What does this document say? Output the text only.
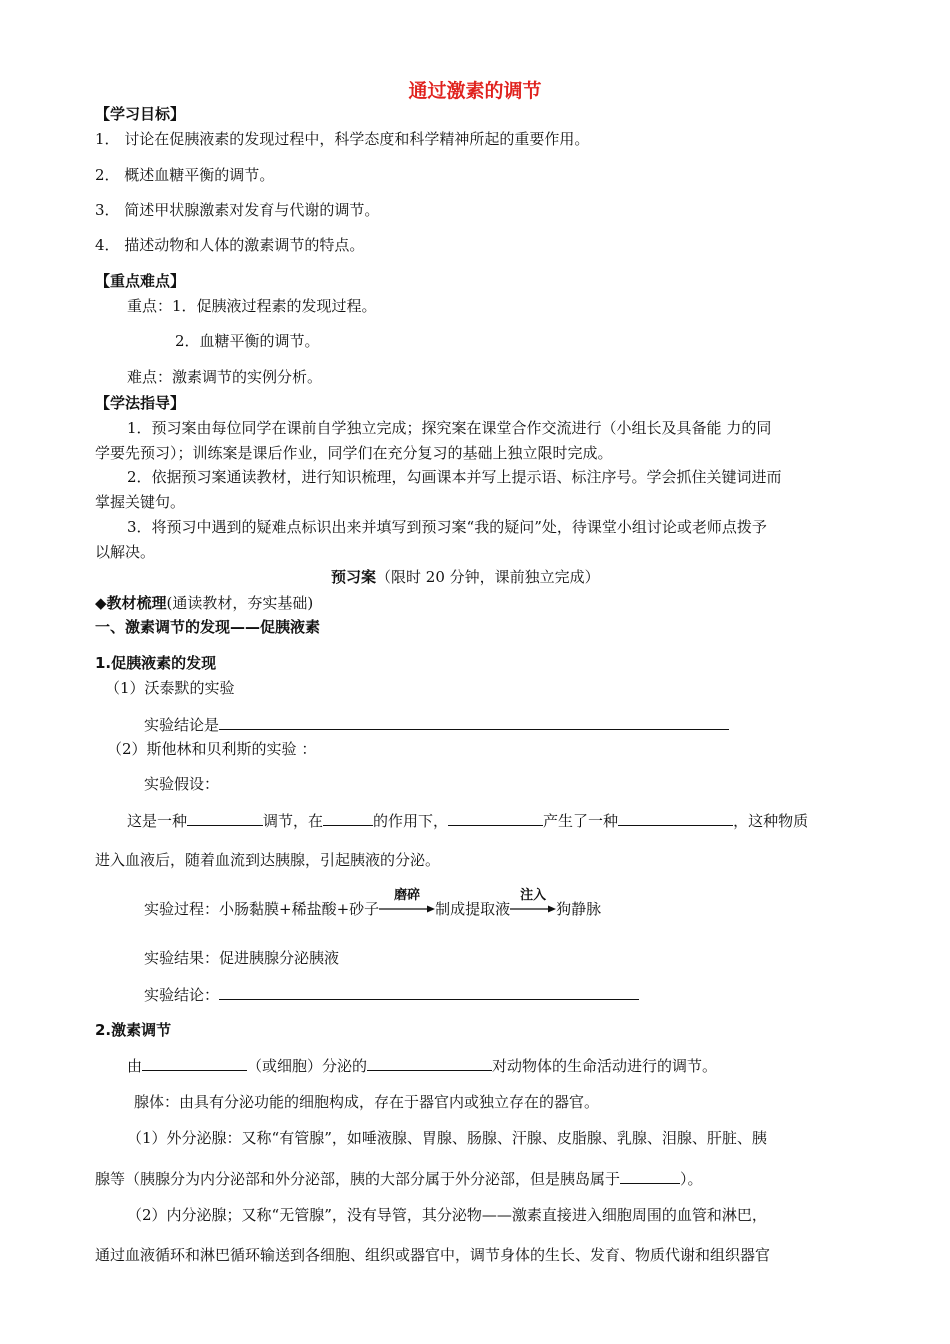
通过激素的调节
【学习目标】
1． 讨论在促胰液素的发现过程中，科学态度和科学精神所起的重要作用。
2． 概述血糖平衡的调节。
3． 简述甲状腺激素对发育与代谢的调节。
4． 描述动物和人体的激素调节的特点。
【重点难点】
重点：1．促胰液过程素的发现过程。
2．血糖平衡的调节。
难点：激素调节的实例分析。
【学法指导】
1．预习案由每位同学在课前自学独立完成；探究案在课堂合作交流进行（小组长及具备能 力的同
学要先预习）；训练案是课后作业，同学们在充分复习的基础上独立限时完成。
2．依据预习案通读教材，进行知识梳理，勾画课本并写上提示语、标注序号。学会抓住关键词进而
掌握关键句。
3．将预习中遇到的疑难点标识出来并填写到预习案“我的疑问”处，待课堂小组讨论或老师点拨予
以解决。
预习案（限时 20 分钟，课前独立完成）
◆教材梳理(通读教材，夯实基础)
一、激素调节的发现——促胰液素
1.促胰液素的发现
（1）沃泰默的实验
实验结论是
（2）斯他林和贝利斯的实验 ：
实验假设：
这是一种	调节，在	的作用下，	产生了一种	，这种物质
进入血液后，随着血流到达胰腺，引起胰液的分泌。
实验过程：小肠黏膜+稀盐酸+砂子
磨碎
制成提取液
注入
狗静脉
实验结果：促进胰腺分泌胰液
实验结论：
2.激素调节
由	（或细胞）分泌的	对动物体的生命活动进行的调节。
腺体：由具有分泌功能的细胞构成，存在于器官内或独立存在的器官。
（1）外分泌腺：又称“有管腺”，如唾液腺、胃腺、肠腺、汗腺、皮脂腺、乳腺、泪腺、肝脏、胰
腺等（胰腺分为内分泌部和外分泌部，胰的大部分属于外分泌部，但是胰岛属于	）。
（2）内分泌腺；又称“无管腺”，没有导管，其分泌物——激素直接进入细胞周围的血管和淋巴，
通过血液循环和淋巴循环输送到各细胞、组织或器官中，调节身体的生长、发育、物质代谢和组织器官
